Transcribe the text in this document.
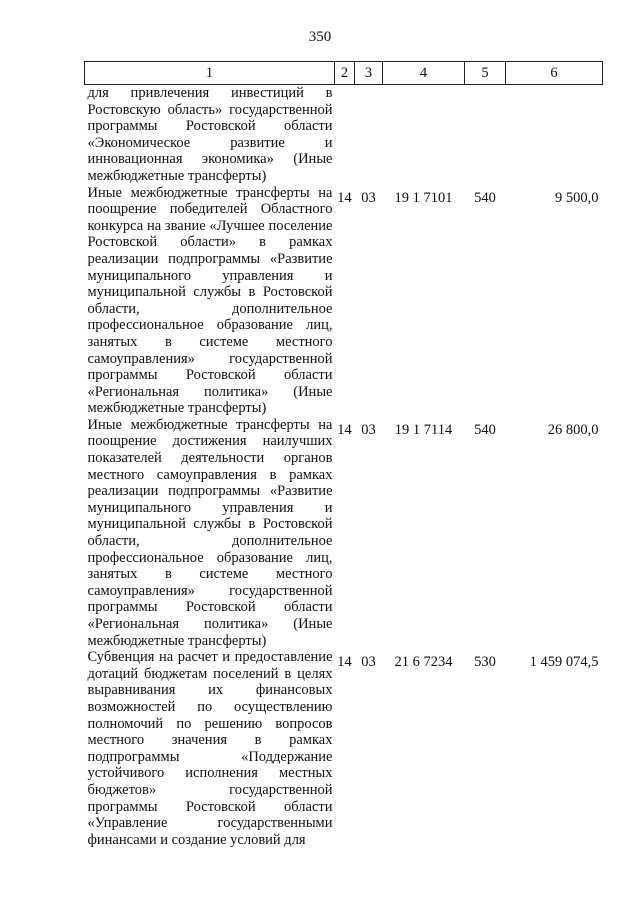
350
1	2	3	4	5	6
для привлечения инвестиций в Ростовскую область» государственной программы Ростовской области «Экономическое развитие и инновационная экономика» (Иные межбюджетные трансферты)					
Иные межбюджетные трансферты на поощрение победителей Областного конкурса на звание «Лучшее поселение Ростовской области» в рамках реализации подпрограммы «Развитие муниципального управления и муниципальной службы в Ростовской области, дополнительное профессиональное образование лиц, занятых в системе местного самоуправления» государственной программы Ростовской области «Региональная политика» (Иные межбюджетные трансферты)	14	03	19 1 7101	540	9 500,0
Иные межбюджетные трансферты на поощрение достижения наилучших показателей деятельности органов местного самоуправления в рамках реализации подпрограммы «Развитие муниципального управления и муниципальной службы в Ростовской области, дополнительное профессиональное образование лиц, занятых в системе местного самоуправления» государственной программы Ростовской области «Региональная политика» (Иные межбюджетные трансферты)	14	03	19 1 7114	540	26 800,0
Субвенция на расчет и предоставление дотаций бюджетам поселений в целях выравнивания их финансовых возможностей по осуществлению полномочий по решению вопросов местного значения в рамках подпрограммы «Поддержание устойчивого исполнения местных бюджетов» государственной программы Ростовской области «Управление государственными финансами и создание условий для	14	03	21 6 7234	530	1 459 074,5
